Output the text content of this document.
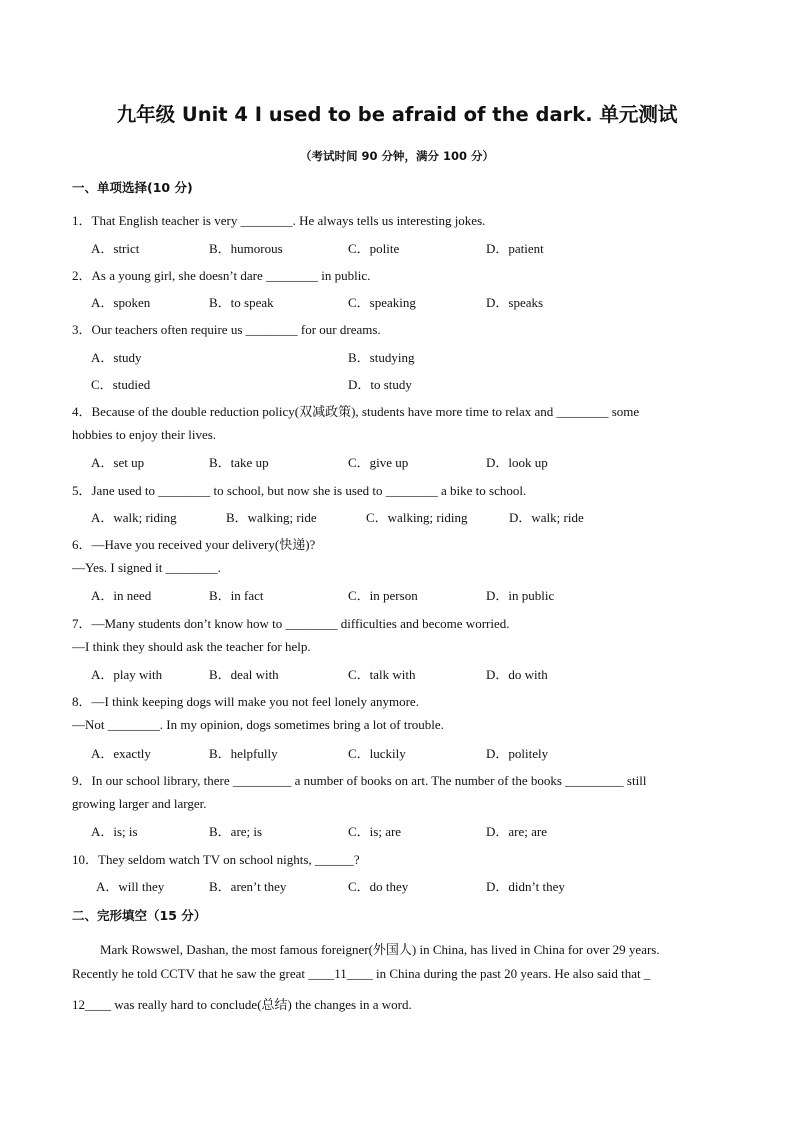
九年级 Unit 4 I used to be afraid of the dark. 单元测试
（考试时间 90 分钟，满分 100 分）
一、单项选择(10 分)
1．That English teacher is very ________. He always tells us interesting jokes.
A．strict	B．humorous	C．polite	D．patient
2．As a young girl, she doesn’t dare ________ in public.
A．spoken	B．to speak	C．speaking	D．speaks
3．Our teachers often require us ________ for our dreams.
A．study	B．studying
C．studied	D．to study
4．Because of the double reduction policy(双减政策), students have more time to relax and ________ some
hobbies to enjoy their lives.
A．set up	B．take up	C．give up	D．look up
5．Jane used to ________ to school, but now she is used to ________ a bike to school.
A．walk; riding	B．walking; ride	C．walking; riding	D．walk; ride
6．—Have you received your delivery(快递)?
—Yes. I signed it ________.
A．in need	B．in fact	C．in person	D．in public
7．—Many students don’t know how to ________ difficulties and become worried.
—I think they should ask the teacher for help.
A．play with	B．deal with	C．talk with	D．do with
8．—I think keeping dogs will make you not feel lonely anymore.
—Not ________. In my opinion, dogs sometimes bring a lot of trouble.
A．exactly	B．helpfully	C．luckily	D．politely
9．In our school library, there _________ a number of books on art. The number of the books _________ still
growing larger and larger.
A．is; is	B．are; is	C．is; are	D．are; are
10．They seldom watch TV on school nights, ______?
A．will they	B．aren’t they	C．do they	D．didn’t they
二、完形填空（15 分）
Mark Rowswel, Dashan, the most famous foreigner(外国人) in China, has lived in China for over 29 years.
Recently he told CCTV that he saw the great ____11____ in China during the past 20 years. He also said that _
12____ was really hard to conclude(总结) the changes in a word.
